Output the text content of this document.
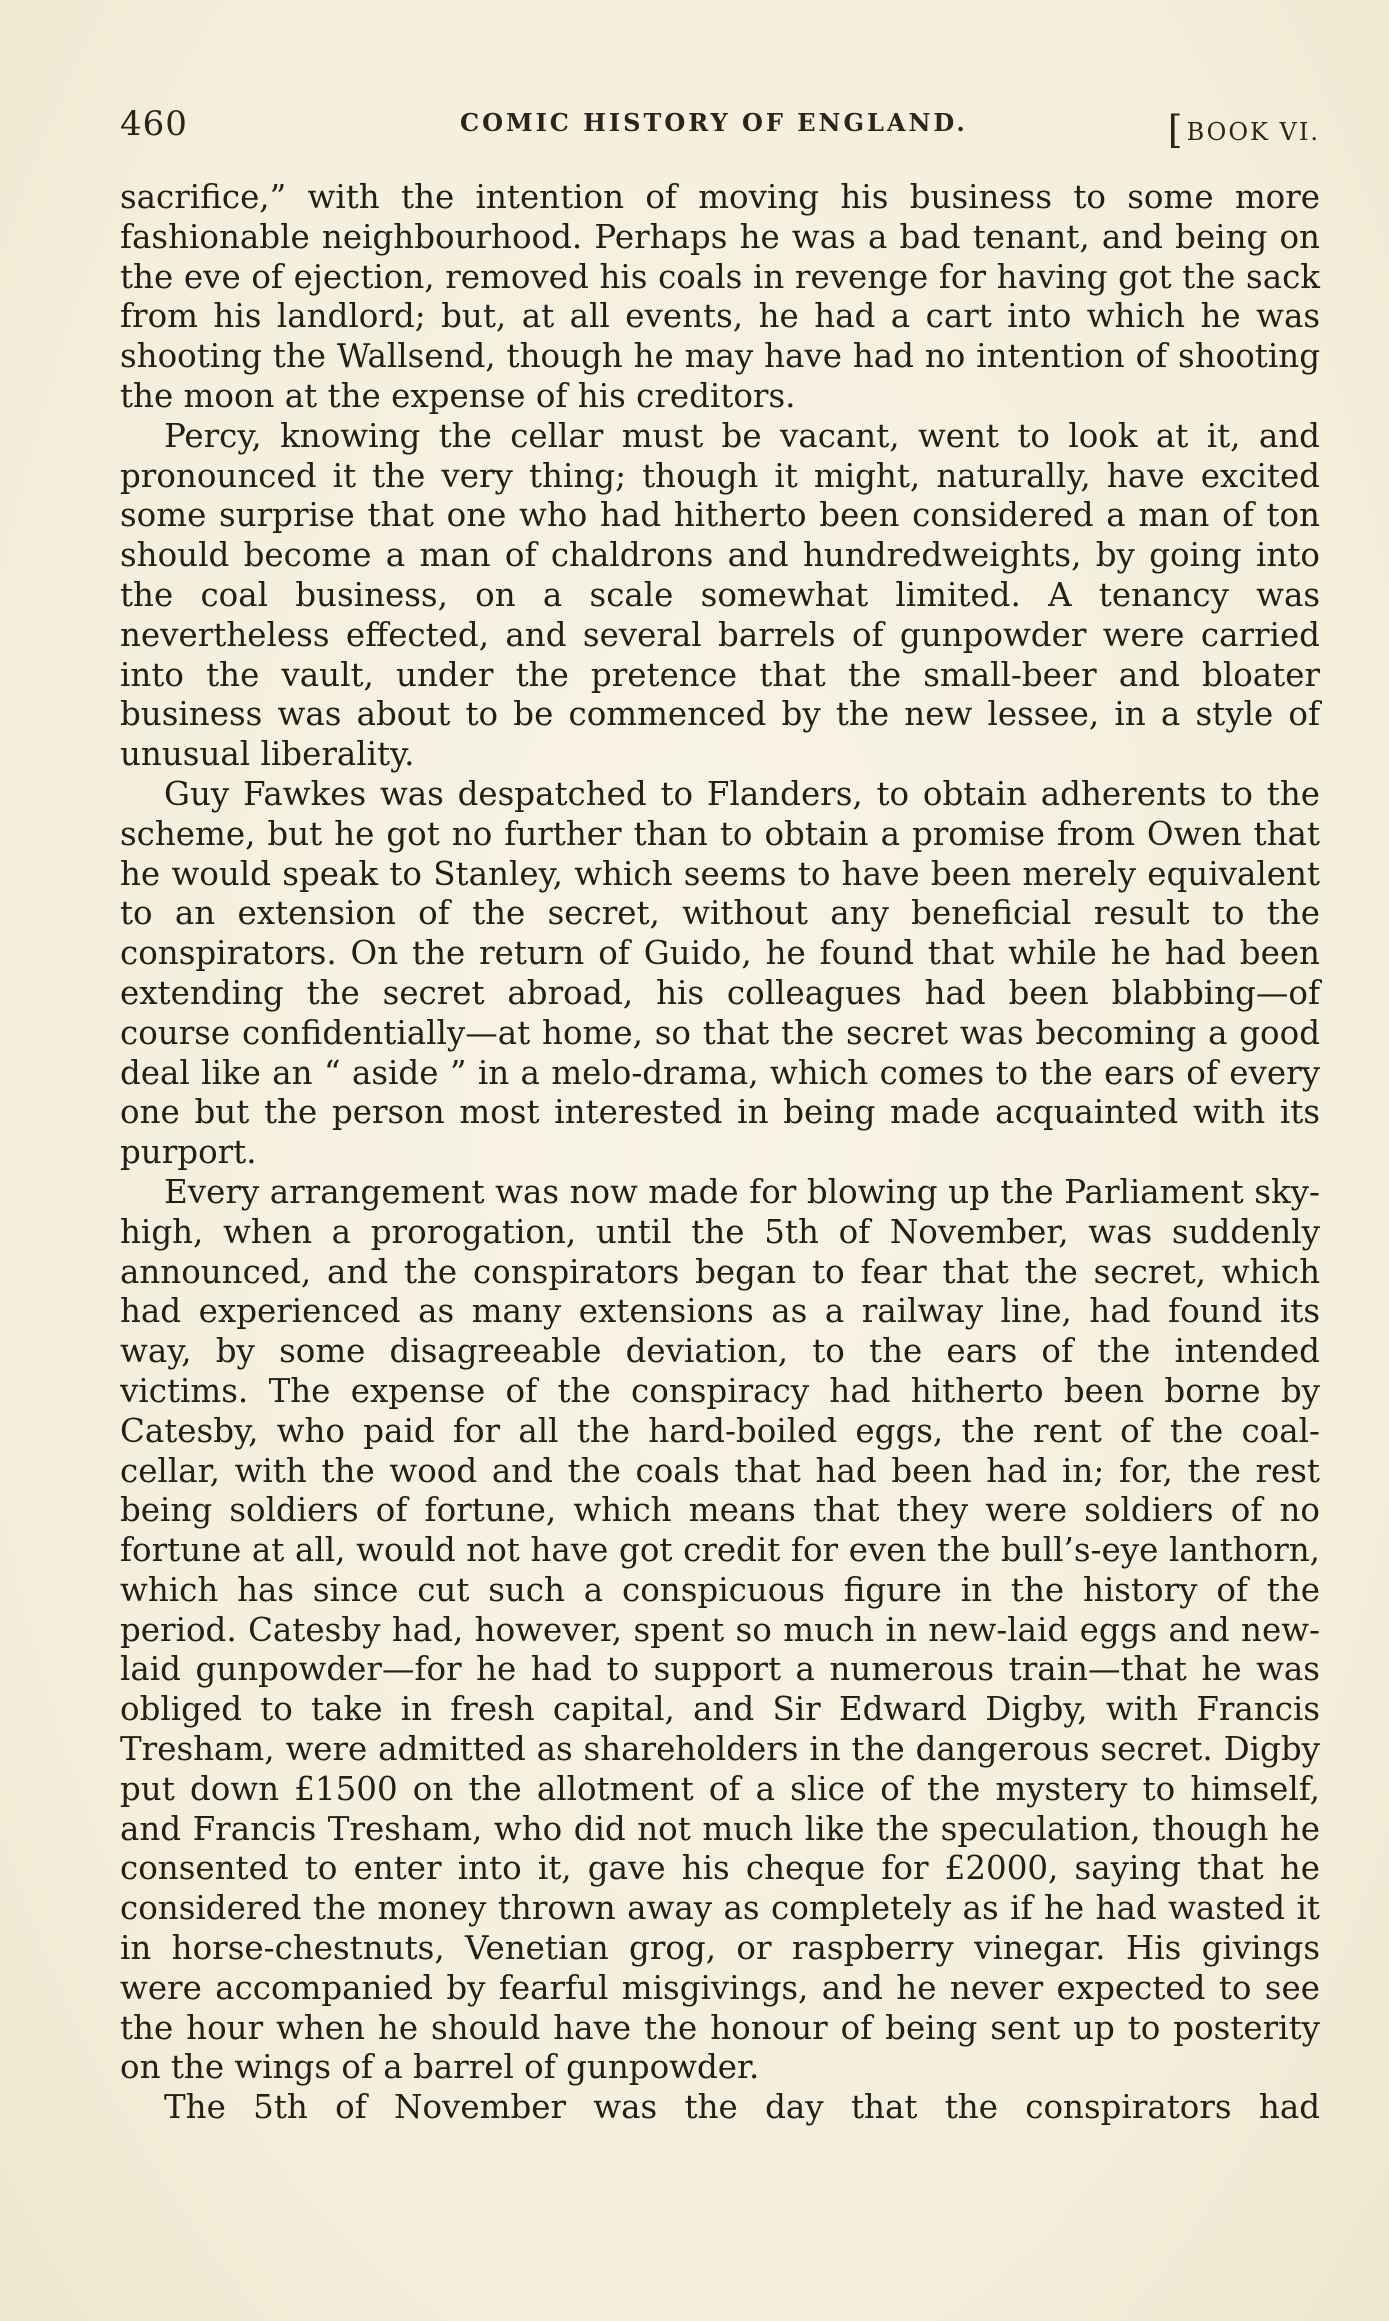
460	COMIC HISTORY OF ENGLAND.	[BOOK VI.

sacrifice,” with the intention of moving his business to some more fashionable neighbourhood. Perhaps he was a bad tenant, and being on the eve of ejection, removed his coals in revenge for having got the sack from his landlord; but, at all events, he had a cart into which he was shooting the Wallsend, though he may have had no intention of shooting the moon at the expense of his creditors.

Percy, knowing the cellar must be vacant, went to look at it, and pronounced it the very thing; though it might, naturally, have excited some surprise that one who had hitherto been considered a man of ton should become a man of chaldrons and hundredweights, by going into the coal business, on a scale somewhat limited. A tenancy was nevertheless effected, and several barrels of gunpowder were carried into the vault, under the pretence that the small-beer and bloater business was about to be commenced by the new lessee, in a style of unusual liberality.

Guy Fawkes was despatched to Flanders, to obtain adherents to the scheme, but he got no further than to obtain a promise from Owen that he would speak to Stanley, which seems to have been merely equivalent to an extension of the secret, without any beneficial result to the conspirators. On the return of Guido, he found that while he had been extending the secret abroad, his colleagues had been blabbing—of course confidentially—at home, so that the secret was becoming a good deal like an “ aside ” in a melo-drama, which comes to the ears of every one but the person most interested in being made acquainted with its purport.

Every arrangement was now made for blowing up the Parliament sky-high, when a prorogation, until the 5th of November, was suddenly announced, and the conspirators began to fear that the secret, which had experienced as many extensions as a railway line, had found its way, by some disagreeable deviation, to the ears of the intended victims. The expense of the conspiracy had hitherto been borne by Catesby, who paid for all the hard-boiled eggs, the rent of the coal-cellar, with the wood and the coals that had been had in; for, the rest being soldiers of fortune, which means that they were soldiers of no fortune at all, would not have got credit for even the bull’s-eye lanthorn, which has since cut such a conspicuous figure in the history of the period. Catesby had, however, spent so much in new-laid eggs and new-laid gunpowder—for he had to support a numerous train—that he was obliged to take in fresh capital, and Sir Edward Digby, with Francis Tresham, were admitted as shareholders in the dangerous secret. Digby put down £1500 on the allotment of a slice of the mystery to himself, and Francis Tresham, who did not much like the speculation, though he consented to enter into it, gave his cheque for £2000, saying that he considered the money thrown away as completely as if he had wasted it in horse-chestnuts, Venetian grog, or raspberry vinegar. His givings were accompanied by fearful misgivings, and he never expected to see the hour when he should have the honour of being sent up to posterity on the wings of a barrel of gunpowder.

The 5th of November was the day that the conspirators had
